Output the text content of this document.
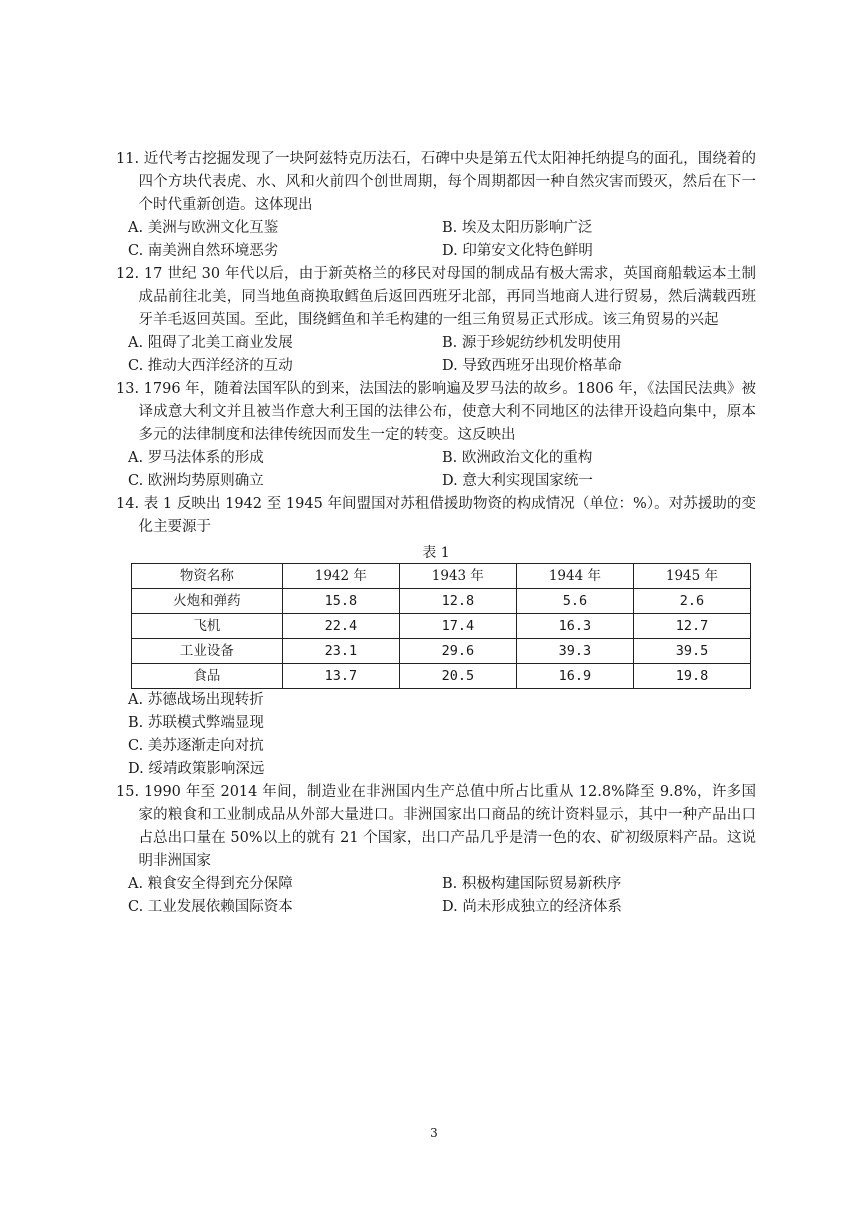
11. 近代考古挖掘发现了一块阿兹特克历法石，石碑中央是第五代太阳神托纳提乌的面孔，围绕着的四个方块代表虎、水、风和火前四个创世周期，每个周期都因一种自然灾害而毁灭，然后在下一个时代重新创造。这体现出
A. 美洲与欧洲文化互鉴	B. 埃及太阳历影响广泛
C. 南美洲自然环境恶劣	D. 印第安文化特色鲜明
12. 17 世纪 30 年代以后，由于新英格兰的移民对母国的制成品有极大需求，英国商船载运本土制成品前往北美，同当地鱼商换取鳕鱼后返回西班牙北部，再同当地商人进行贸易，然后满载西班牙羊毛返回英国。至此，围绕鳕鱼和羊毛构建的一组三角贸易正式形成。该三角贸易的兴起
A. 阻碍了北美工商业发展	B. 源于珍妮纺纱机发明使用
C. 推动大西洋经济的互动	D. 导致西班牙出现价格革命
13. 1796 年，随着法国军队的到来，法国法的影响遍及罗马法的故乡。1806 年，《法国民法典》被译成意大利文并且被当作意大利王国的法律公布，使意大利不同地区的法律开设趋向集中，原本多元的法律制度和法律传统因而发生一定的转变。这反映出
A. 罗马法体系的形成	B. 欧洲政治文化的重构
C. 欧洲均势原则确立	D. 意大利实现国家统一
14. 表 1 反映出 1942 至 1945 年间盟国对苏租借援助物资的构成情况（单位：%）。对苏援助的变化主要源于
表 1
物资名称	1942 年	1943 年	1944 年	1945 年
火炮和弹药	15.8	12.8	5.6	2.6
飞机	22.4	17.4	16.3	12.7
工业设备	23.1	29.6	39.3	39.5
食品	13.7	20.5	16.9	19.8
A. 苏德战场出现转折
B. 苏联模式弊端显现
C. 美苏逐渐走向对抗
D. 绥靖政策影响深远
15. 1990 年至 2014 年间，制造业在非洲国内生产总值中所占比重从 12.8%降至 9.8%，许多国家的粮食和工业制成品从外部大量进口。非洲国家出口商品的统计资料显示，其中一种产品出口占总出口量在 50%以上的就有 21 个国家，出口产品几乎是清一色的农、矿初级原料产品。这说明非洲国家
A. 粮食安全得到充分保障	B. 积极构建国际贸易新秩序
C. 工业发展依赖国际资本	D. 尚未形成独立的经济体系
3
